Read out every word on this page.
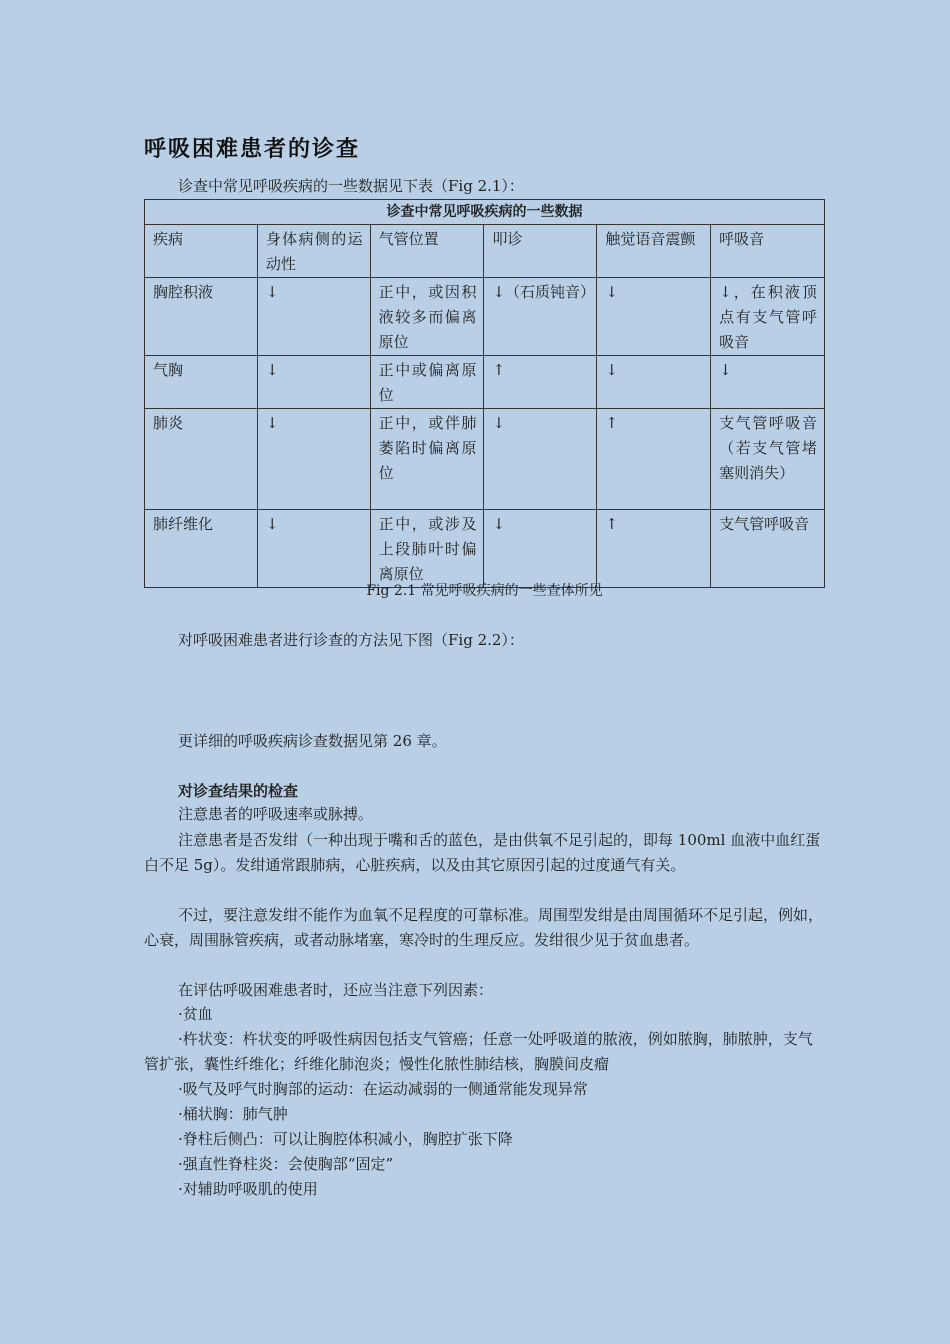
呼吸困难患者的诊查
诊查中常见呼吸疾病的一些数据见下表（Fig 2.1）：
诊查中常见呼吸疾病的一些数据					
疾病	身体病侧的运动性	气管位置	叩诊	触觉语音震颤	呼吸音
胸腔积液	↓	正中，或因积液较多而偏离原位	↓（石质钝音）	↓	↓，在积液顶点有支气管呼吸音
气胸	↓	正中或偏离原位	↑	↓	↓
肺炎	↓	正中，或伴肺萎陷时偏离原位	↓	↑	支气管呼吸音（若支气管堵塞则消失）
肺纤维化	↓	正中，或涉及上段肺叶时偏离原位	↓	↑	支气管呼吸音
Fig 2.1 常见呼吸疾病的一些查体所见
对呼吸困难患者进行诊查的方法见下图（Fig 2.2）：
更详细的呼吸疾病诊查数据见第 26 章。
对诊查结果的检查
注意患者的呼吸速率或脉搏。
注意患者是否发绀（一种出现于嘴和舌的蓝色，是由供氧不足引起的，即每 100ml 血液中血红蛋白不足 5g）。发绀通常跟肺病，心脏疾病，以及由其它原因引起的过度通气有关。
不过，要注意发绀不能作为血氧不足程度的可靠标准。周围型发绀是由周围循环不足引起，例如，心衰，周围脉管疾病，或者动脉堵塞，寒冷时的生理反应。发绀很少见于贫血患者。
在评估呼吸困难患者时，还应当注意下列因素：
·贫血
·杵状变：杵状变的呼吸性病因包括支气管癌；任意一处呼吸道的脓液，例如脓胸，肺脓肿，支气管扩张，囊性纤维化；纤维化肺泡炎；慢性化脓性肺结核，胸膜间皮瘤
·吸气及呼气时胸部的运动：在运动减弱的一侧通常能发现异常
·桶状胸：肺气肿
·脊柱后侧凸：可以让胸腔体积减小，胸腔扩张下降
·强直性脊柱炎：会使胸部“固定”
·对辅助呼吸肌的使用
